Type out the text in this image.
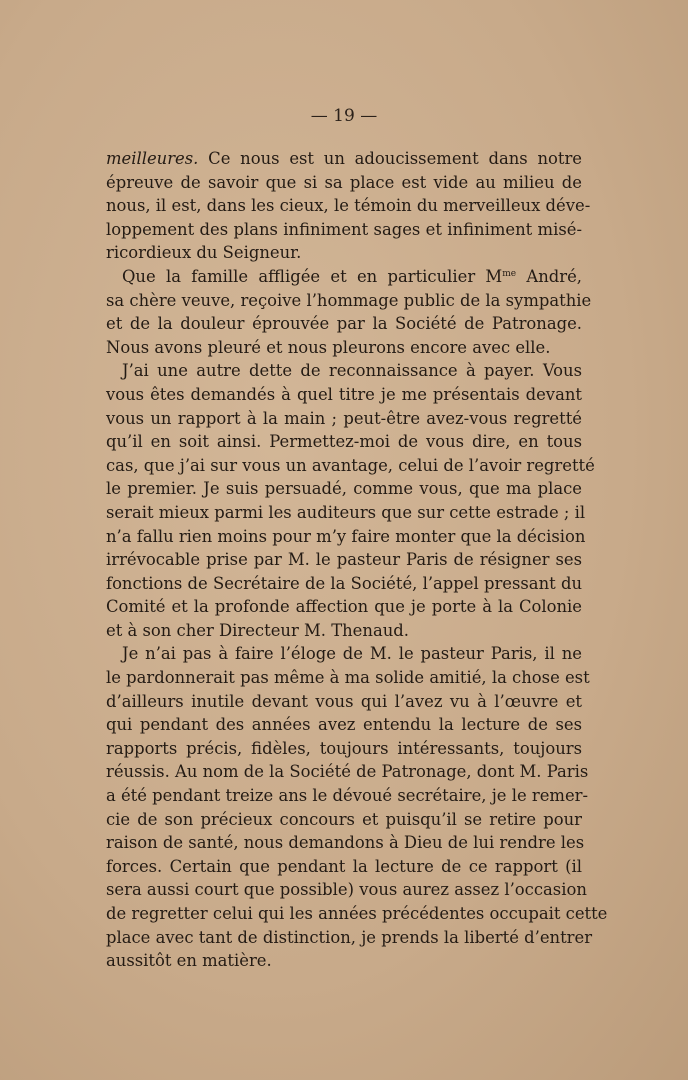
— 19 —
meilleures. Ce nous est un adoucissement dans notre
épreuve de savoir que si sa place est vide au milieu de
nous, il est, dans les cieux, le témoin du merveilleux déve-
loppement des plans infiniment sages et infiniment misé-
ricordieux du Seigneur.
Que la famille affligée et en particulier $M^{me}$ André,
sa chère veuve, reçoive l’hommage public de la sympathie
et de la douleur éprouvée par la Société de Patronage.
Nous avons pleuré et nous pleurons encore avec elle.
J’ai une autre dette de reconnaissance à payer. Vous
vous êtes demandés à quel titre je me présentais devant
vous un rapport à la main ; peut-être avez-vous regretté
qu’il en soit ainsi. Permettez-moi de vous dire, en tous
cas, que j’ai sur vous un avantage, celui de l’avoir regretté
le premier. Je suis persuadé, comme vous, que ma place
serait mieux parmi les auditeurs que sur cette estrade ; il
n’a fallu rien moins pour m’y faire monter que la décision
irrévocable prise par M. le pasteur Paris de résigner ses
fonctions de Secrétaire de la Société, l’appel pressant du
Comité et la profonde affection que je porte à la Colonie
et à son cher Directeur M. Thenaud.
Je n’ai pas à faire l’éloge de M. le pasteur Paris, il ne
le pardonnerait pas même à ma solide amitié, la chose est
d’ailleurs inutile devant vous qui l’avez vu à l’œuvre et
qui pendant des années avez entendu la lecture de ses
rapports précis, fidèles, toujours intéressants, toujours
réussis. Au nom de la Société de Patronage, dont M. Paris
a été pendant treize ans le dévoué secrétaire, je le remer-
cie de son précieux concours et puisqu’il se retire pour
raison de santé, nous demandons à Dieu de lui rendre les
forces. Certain que pendant la lecture de ce rapport (il
sera aussi court que possible) vous aurez assez l’occasion
de regretter celui qui les années précédentes occupait cette
place avec tant de distinction, je prends la liberté d’entrer
aussitôt en matière.
